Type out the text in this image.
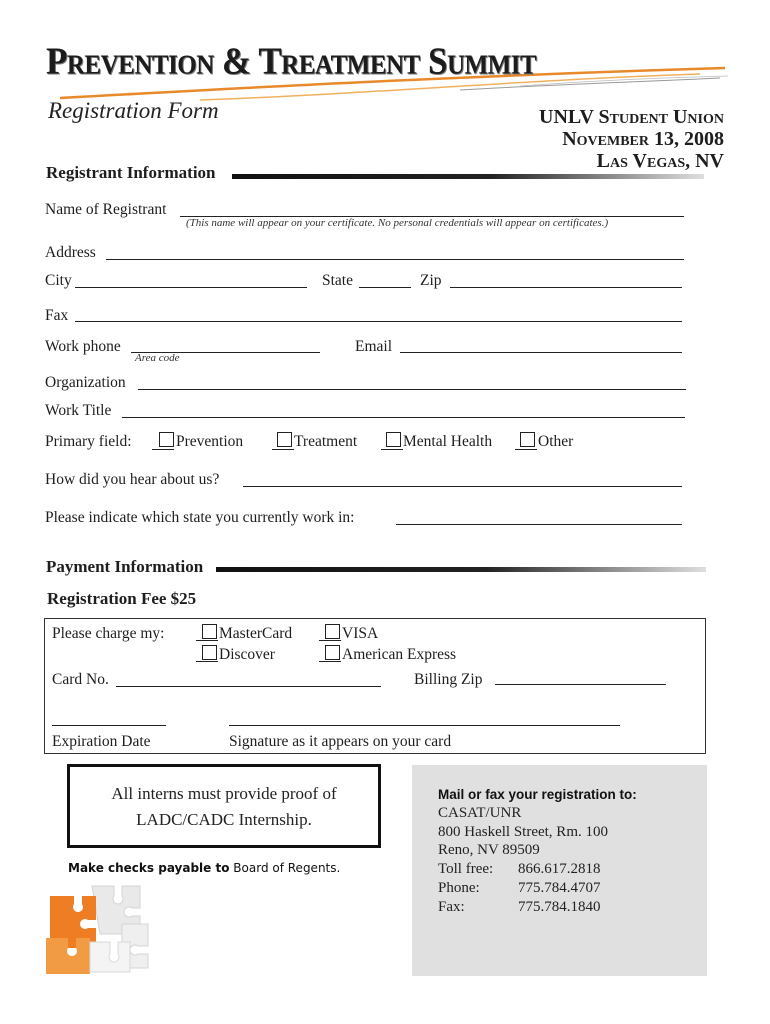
Prevention & Treatment Summit
Registration Form	UNLV Student Union
November 13, 2008
Las Vegas, NV
Registrant Information
Name of Registrant
(This name will appear on your certificate. No personal credentials will appear on certificates.)
Address
City	State	Zip
Fax
Work phone
Area code
Email
Organization
Work Title
Primary field:	Prevention	Treatment	Mental Health	Other
How did you hear about us?
Please indicate which state you currently work in:
Payment Information
Registration Fee $25
Please charge my:	MasterCard	VISA
Discover	American Express
Card No.	Billing Zip
Expiration Date	Signature as it appears on your card
All interns must provide proof of
LADC/CADC Internship.
Make checks payable to Board of Regents.
Mail or fax your registration to:
CASAT/UNR
800 Haskell Street, Rm. 100
Reno, NV 89509
Toll free: 866.617.2818
Phone:	775.784.4707
Fax:	775.784.1840
